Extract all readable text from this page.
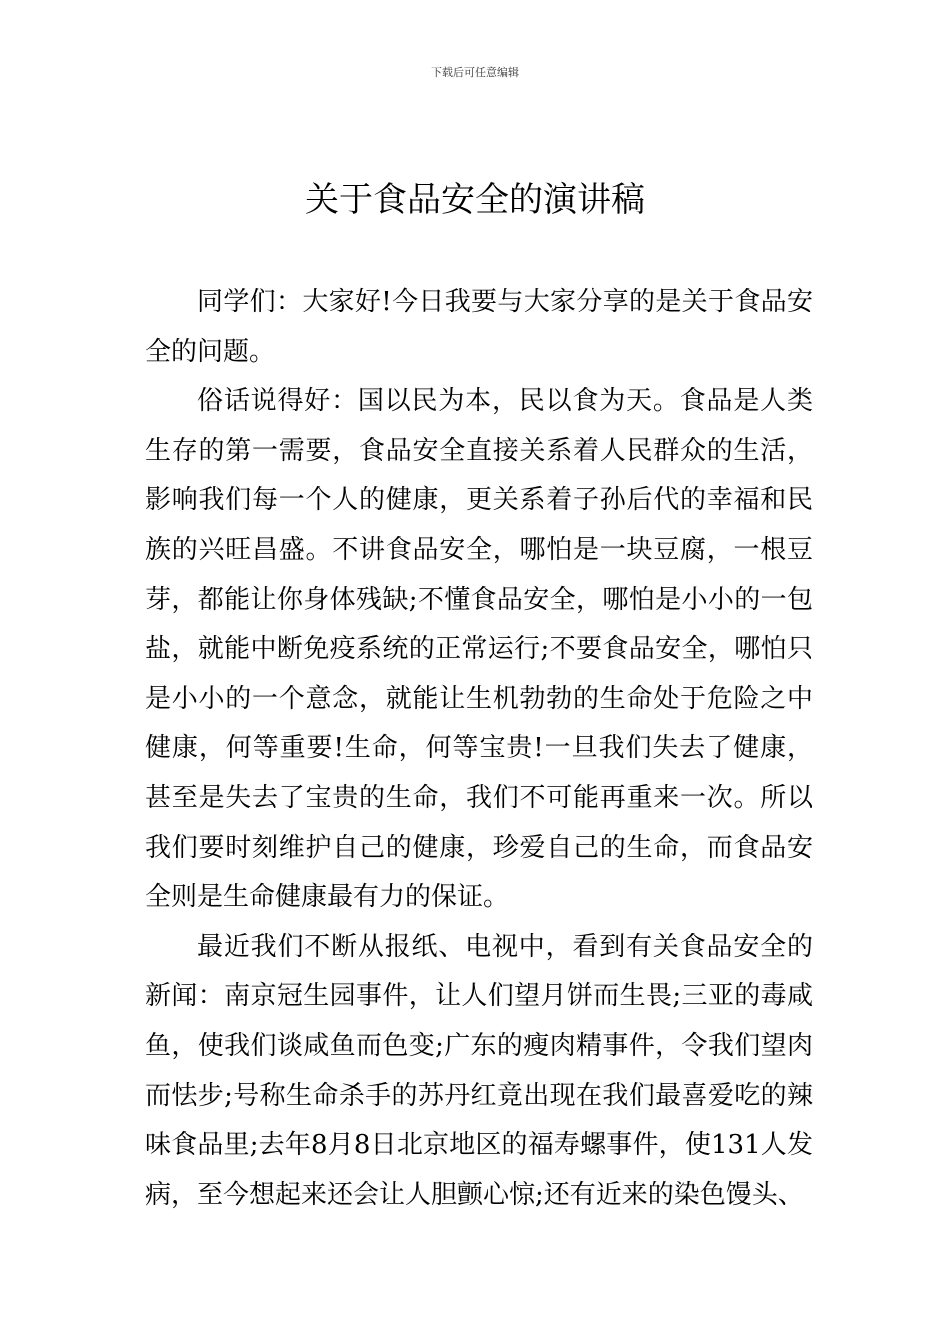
下载后可任意编辑
关于食品安全的演讲稿

同学们：大家好!今日我要与大家分享的是关于食品安全的问题。

俗话说得好：国以民为本，民以食为天。食品是人类生存的第一需要，食品安全直接关系着人民群众的生活，影响我们每一个人的健康，更关系着子孙后代的幸福和民族的兴旺昌盛。不讲食品安全，哪怕是一块豆腐，一根豆芽，都能让你身体残缺;不懂食品安全，哪怕是小小的一包盐，就能中断免疫系统的正常运行;不要食品安全，哪怕只是小小的一个意念，就能让生机勃勃的生命处于危险之中健康，何等重要!生命，何等宝贵!一旦我们失去了健康，甚至是失去了宝贵的生命，我们不可能再重来一次。所以我们要时刻维护自己的健康，珍爱自己的生命，而食品安全则是生命健康最有力的保证。

最近我们不断从报纸、电视中，看到有关食品安全的新闻：南京冠生园事件，让人们望月饼而生畏;三亚的毒咸鱼，使我们谈咸鱼而色变;广东的瘦肉精事件，令我们望肉而怯步;号称生命杀手的苏丹红竟出现在我们最喜爱吃的辣味食品里;去年8月8日北京地区的福寿螺事件，使131人发病，至今想起来还会让人胆颤心惊;还有近来的染色馒头、
